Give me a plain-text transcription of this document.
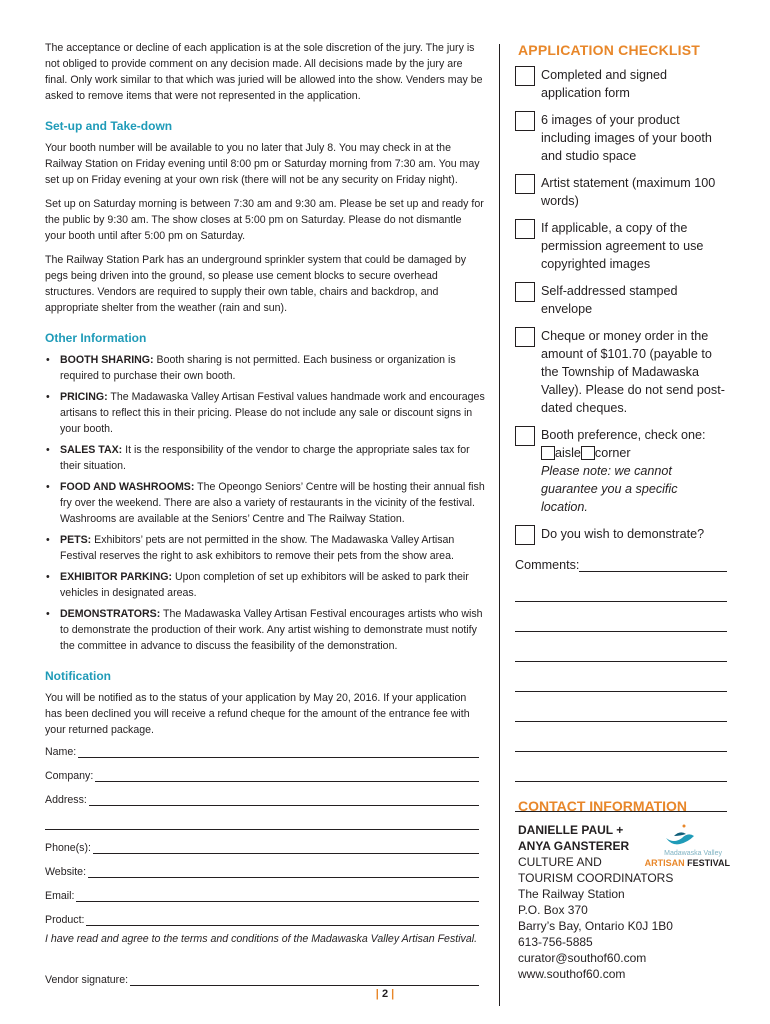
The acceptance or decline of each application is at the sole discretion of the jury. The jury is not obliged to provide comment on any decision made. All decisions made by the jury are final. Only work similar to that which was juried will be allowed into the show. Venders may be asked to remove items that were not represented in the application.

Set-up and Take-down

Your booth number will be available to you no later that July 8. You may check in at the Railway Station on Friday evening until 8:00 pm or Saturday morning from 7:30 am. You may set up on Friday evening at your own risk (there will not be any security on Friday night).

Set up on Saturday morning is between 7:30 am and 9:30 am. Please be set up and ready for the public by 9:30 am. The show closes at 5:00 pm on Saturday. Please do not dismantle your booth until after 5:00 pm on Saturday.

The Railway Station Park has an underground sprinkler system that could be damaged by pegs being driven into the ground, so please use cement blocks to secure overhead structures. Vendors are required to supply their own table, chairs and backdrop, and appropriate shelter from the weather (rain and sun).

Other Information
• BOOTH SHARING: Booth sharing is not permitted. Each business or organization is required to purchase their own booth.
• PRICING: The Madawaska Valley Artisan Festival values handmade work and encourages artisans to reflect this in their pricing. Please do not include any sale or discount signs in your booth.
• SALES TAX: It is the responsibility of the vendor to charge the appropriate sales tax for their situation.
• FOOD AND WASHROOMS: The Opeongo Seniors’ Centre will be hosting their annual fish fry over the weekend. There are also a variety of restaurants in the vicinity of the festival. Washrooms are available at the Seniors’ Centre and The Railway Station.
• PETS: Exhibitors’ pets are not permitted in the show. The Madawaska Valley Artisan Festival reserves the right to ask exhibitors to remove their pets from the show area.
• EXHIBITOR PARKING: Upon completion of set up exhibitors will be asked to park their vehicles in designated areas.
• DEMONSTRATORS: The Madawaska Valley Artisan Festival encourages artists who wish to demonstrate the production of their work. Any artist wishing to demonstrate must notify the committee in advance to discuss the feasibility of the demonstration.
Notification

You will be notified as to the status of your application by May 20, 2016. If your application has been declined you will receive a refund cheque for the amount of the entrance fee with your returned package.

Name:
Company:
Address:
Phone(s):
Website:
Email:
Product:
I have read and agree to the terms and conditions of the Madawaska Valley Artisan Festival.
Vendor signature:
| 2 |
APPLICATION CHECKLIST
Completed and signed application form
6 images of your product including images of your booth and studio space
Artist statement (maximum 100 words)
If applicable, a copy of the permission agreement to use copyrighted images
Self-addressed stamped envelope
Cheque or money order in the amount of $101.70 (payable to the Township of Madawaska Valley). Please do not send post-dated cheques.
Booth preference, check one:
aisle corner
Please note: we cannot guarantee you a specific location.
Do you wish to demonstrate?
Comments:
CONTACT INFORMATION
DANIELLE PAUL +
ANYA GANSTERER
CULTURE AND
TOURISM COORDINATORS
The Railway Station
P.O. Box 370
Barry’s Bay, Ontario K0J 1B0
613-756-5885
curator@southof60.com
www.southof60.com
Madawaska Valley
ARTISAN FESTIVAL
